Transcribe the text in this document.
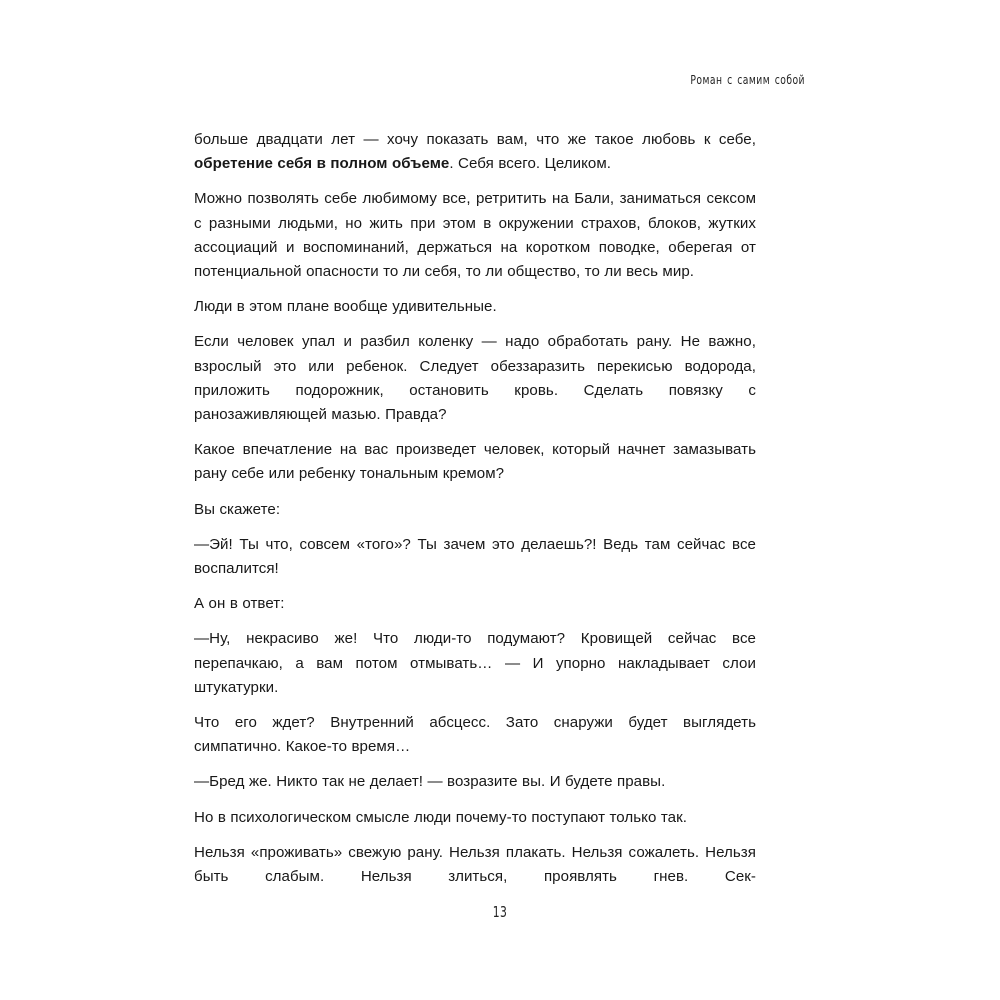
Роман с самим собой

больше двадцати лет — хочу показать вам, что же такое любовь к себе, обретение себя в полном объеме. Себя всего. Целиком.

Можно позволять себе любимому все, ретритить на Бали, заниматься сексом с разными людьми, но жить при этом в окружении страхов, блоков, жутких ассоциаций и воспоминаний, держаться на коротком поводке, оберегая от потенциальной опасности то ли себя, то ли общество, то ли весь мир.

Люди в этом плане вообще удивительные.

Если человек упал и разбил коленку — надо обработать рану. Не важно, взрослый это или ребенок. Следует обеззаразить перекисью водорода, приложить подорожник, остановить кровь. Сделать повязку с ранозаживляющей мазью. Правда?

Какое впечатление на вас произведет человек, который начнет замазывать рану себе или ребенку тональным кремом?

Вы скажете:

—Эй! Ты что, совсем «того»? Ты зачем это делаешь?! Ведь там сейчас все воспалится!

А он в ответ:

—Ну, некрасиво же! Что люди-то подумают? Кровищей сейчас все перепачкаю, а вам потом отмывать… — И упорно накладывает слои штукатурки.

Что его ждет? Внутренний абсцесс. Зато снаружи будет выглядеть симпатично. Какое-то время…

—Бред же. Никто так не делает! — возразите вы. И будете правы.

Но в психологическом смысле люди почему-то поступают только так.

Нельзя «проживать» свежую рану. Нельзя плакать. Нельзя сожалеть. Нельзя быть слабым. Нельзя злиться, проявлять гнев. Сек-

13
